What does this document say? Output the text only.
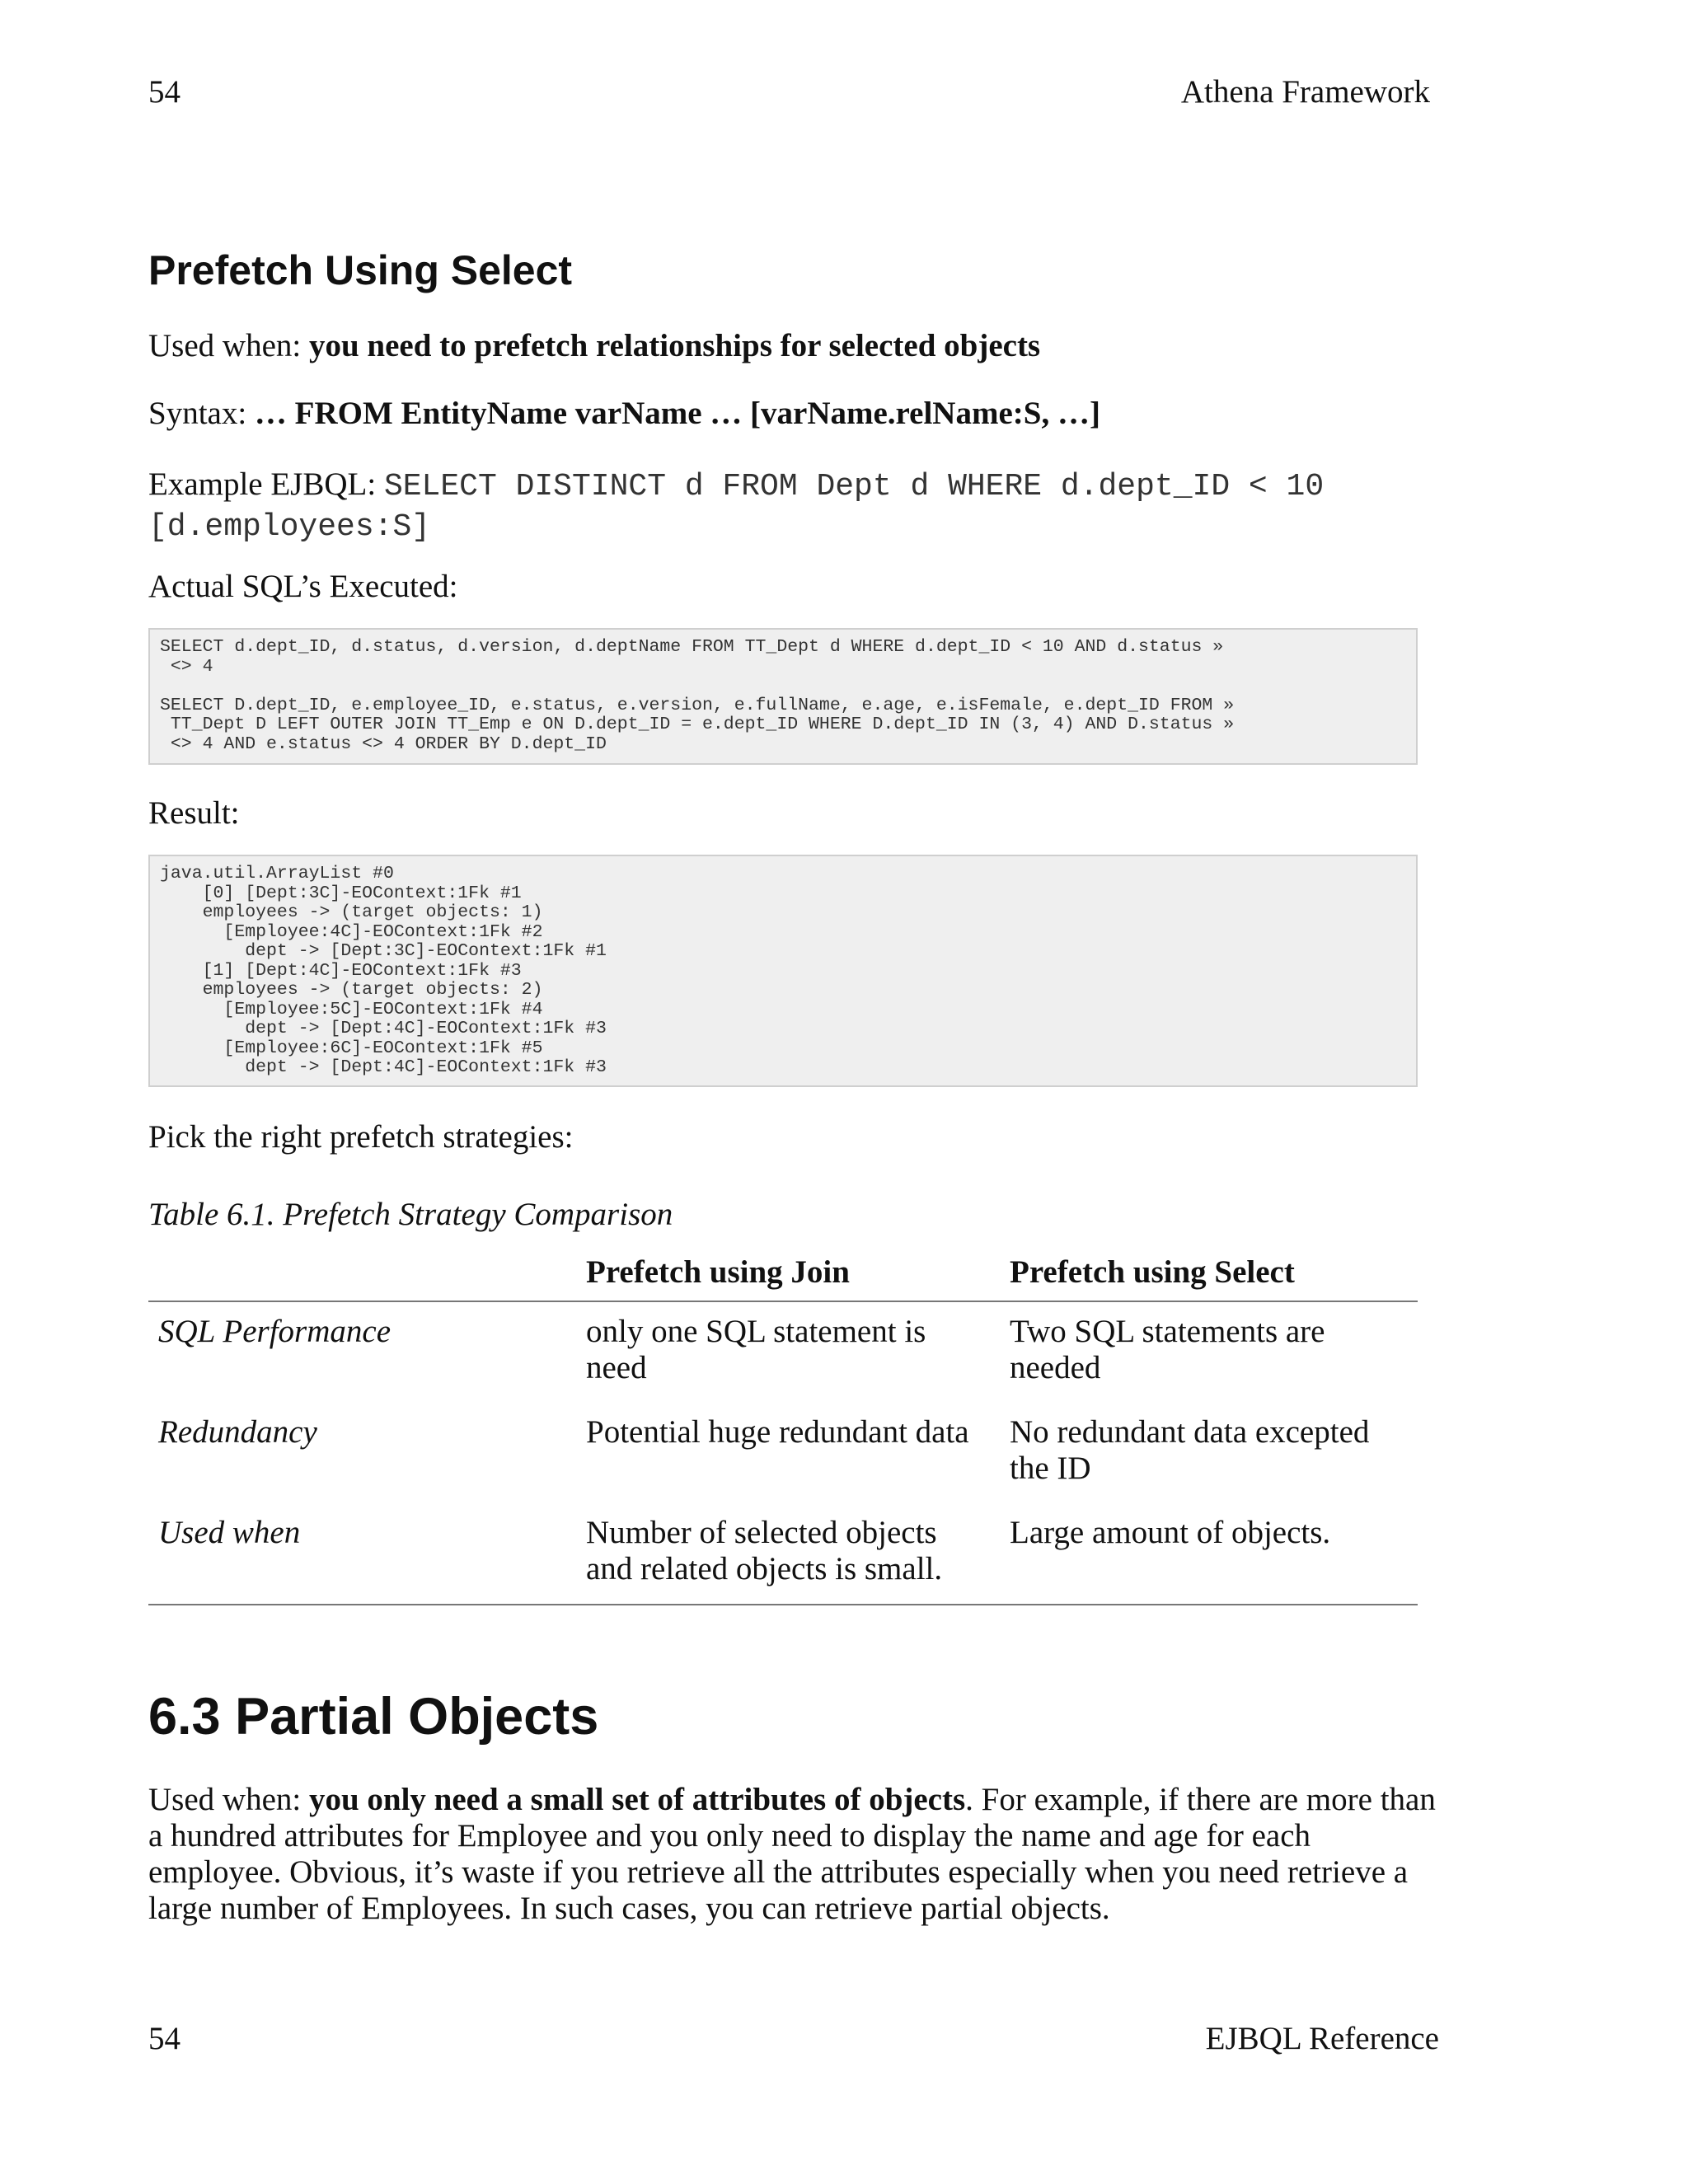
54	Athena Framework
Prefetch Using Select
Used when: you need to prefetch relationships for selected objects
Syntax: … FROM EntityName varName … [varName.relName:S, …]
Example EJBQL: SELECT DISTINCT d FROM Dept d WHERE d.dept_ID < 10 [d.employees:S]
Actual SQL’s Executed:
SELECT d.dept_ID, d.status, d.version, d.deptName FROM TT_Dept d WHERE d.dept_ID < 10 AND d.status »
<> 4

SELECT D.dept_ID, e.employee_ID, e.status, e.version, e.fullName, e.age, e.isFemale, e.dept_ID FROM »
TT_Dept D LEFT OUTER JOIN TT_Emp e ON D.dept_ID = e.dept_ID WHERE D.dept_ID IN (3, 4) AND D.status »
<> 4 AND e.status <> 4 ORDER BY D.dept_ID
Result:
java.util.ArrayList #0
[0] [Dept:3C]-EOContext:1Fk #1
employees -> (target objects: 1)
[Employee:4C]-EOContext:1Fk #2
dept -> [Dept:3C]-EOContext:1Fk #1
[1] [Dept:4C]-EOContext:1Fk #3
employees -> (target objects: 2)
[Employee:5C]-EOContext:1Fk #4
dept -> [Dept:4C]-EOContext:1Fk #3
[Employee:6C]-EOContext:1Fk #5
dept -> [Dept:4C]-EOContext:1Fk #3
Pick the right prefetch strategies:
Table 6.1. Prefetch Strategy Comparison
	Prefetch using Join	Prefetch using Select
SQL Performance	only one SQL statement is need	Two SQL statements are needed
Redundancy	Potential huge redundant data	No redundant data excepted the ID
Used when	Number of selected objects and related objects is small.	Large amount of objects.
6.3 Partial Objects
Used when: you only need a small set of attributes of objects. For example, if there are more than a hundred attributes for Employee and you only need to display the name and age for each employee. Obvious, it’s waste if you retrieve all the attributes especially when you need retrieve a large number of Employees. In such cases, you can retrieve partial objects.
54	EJBQL Reference
